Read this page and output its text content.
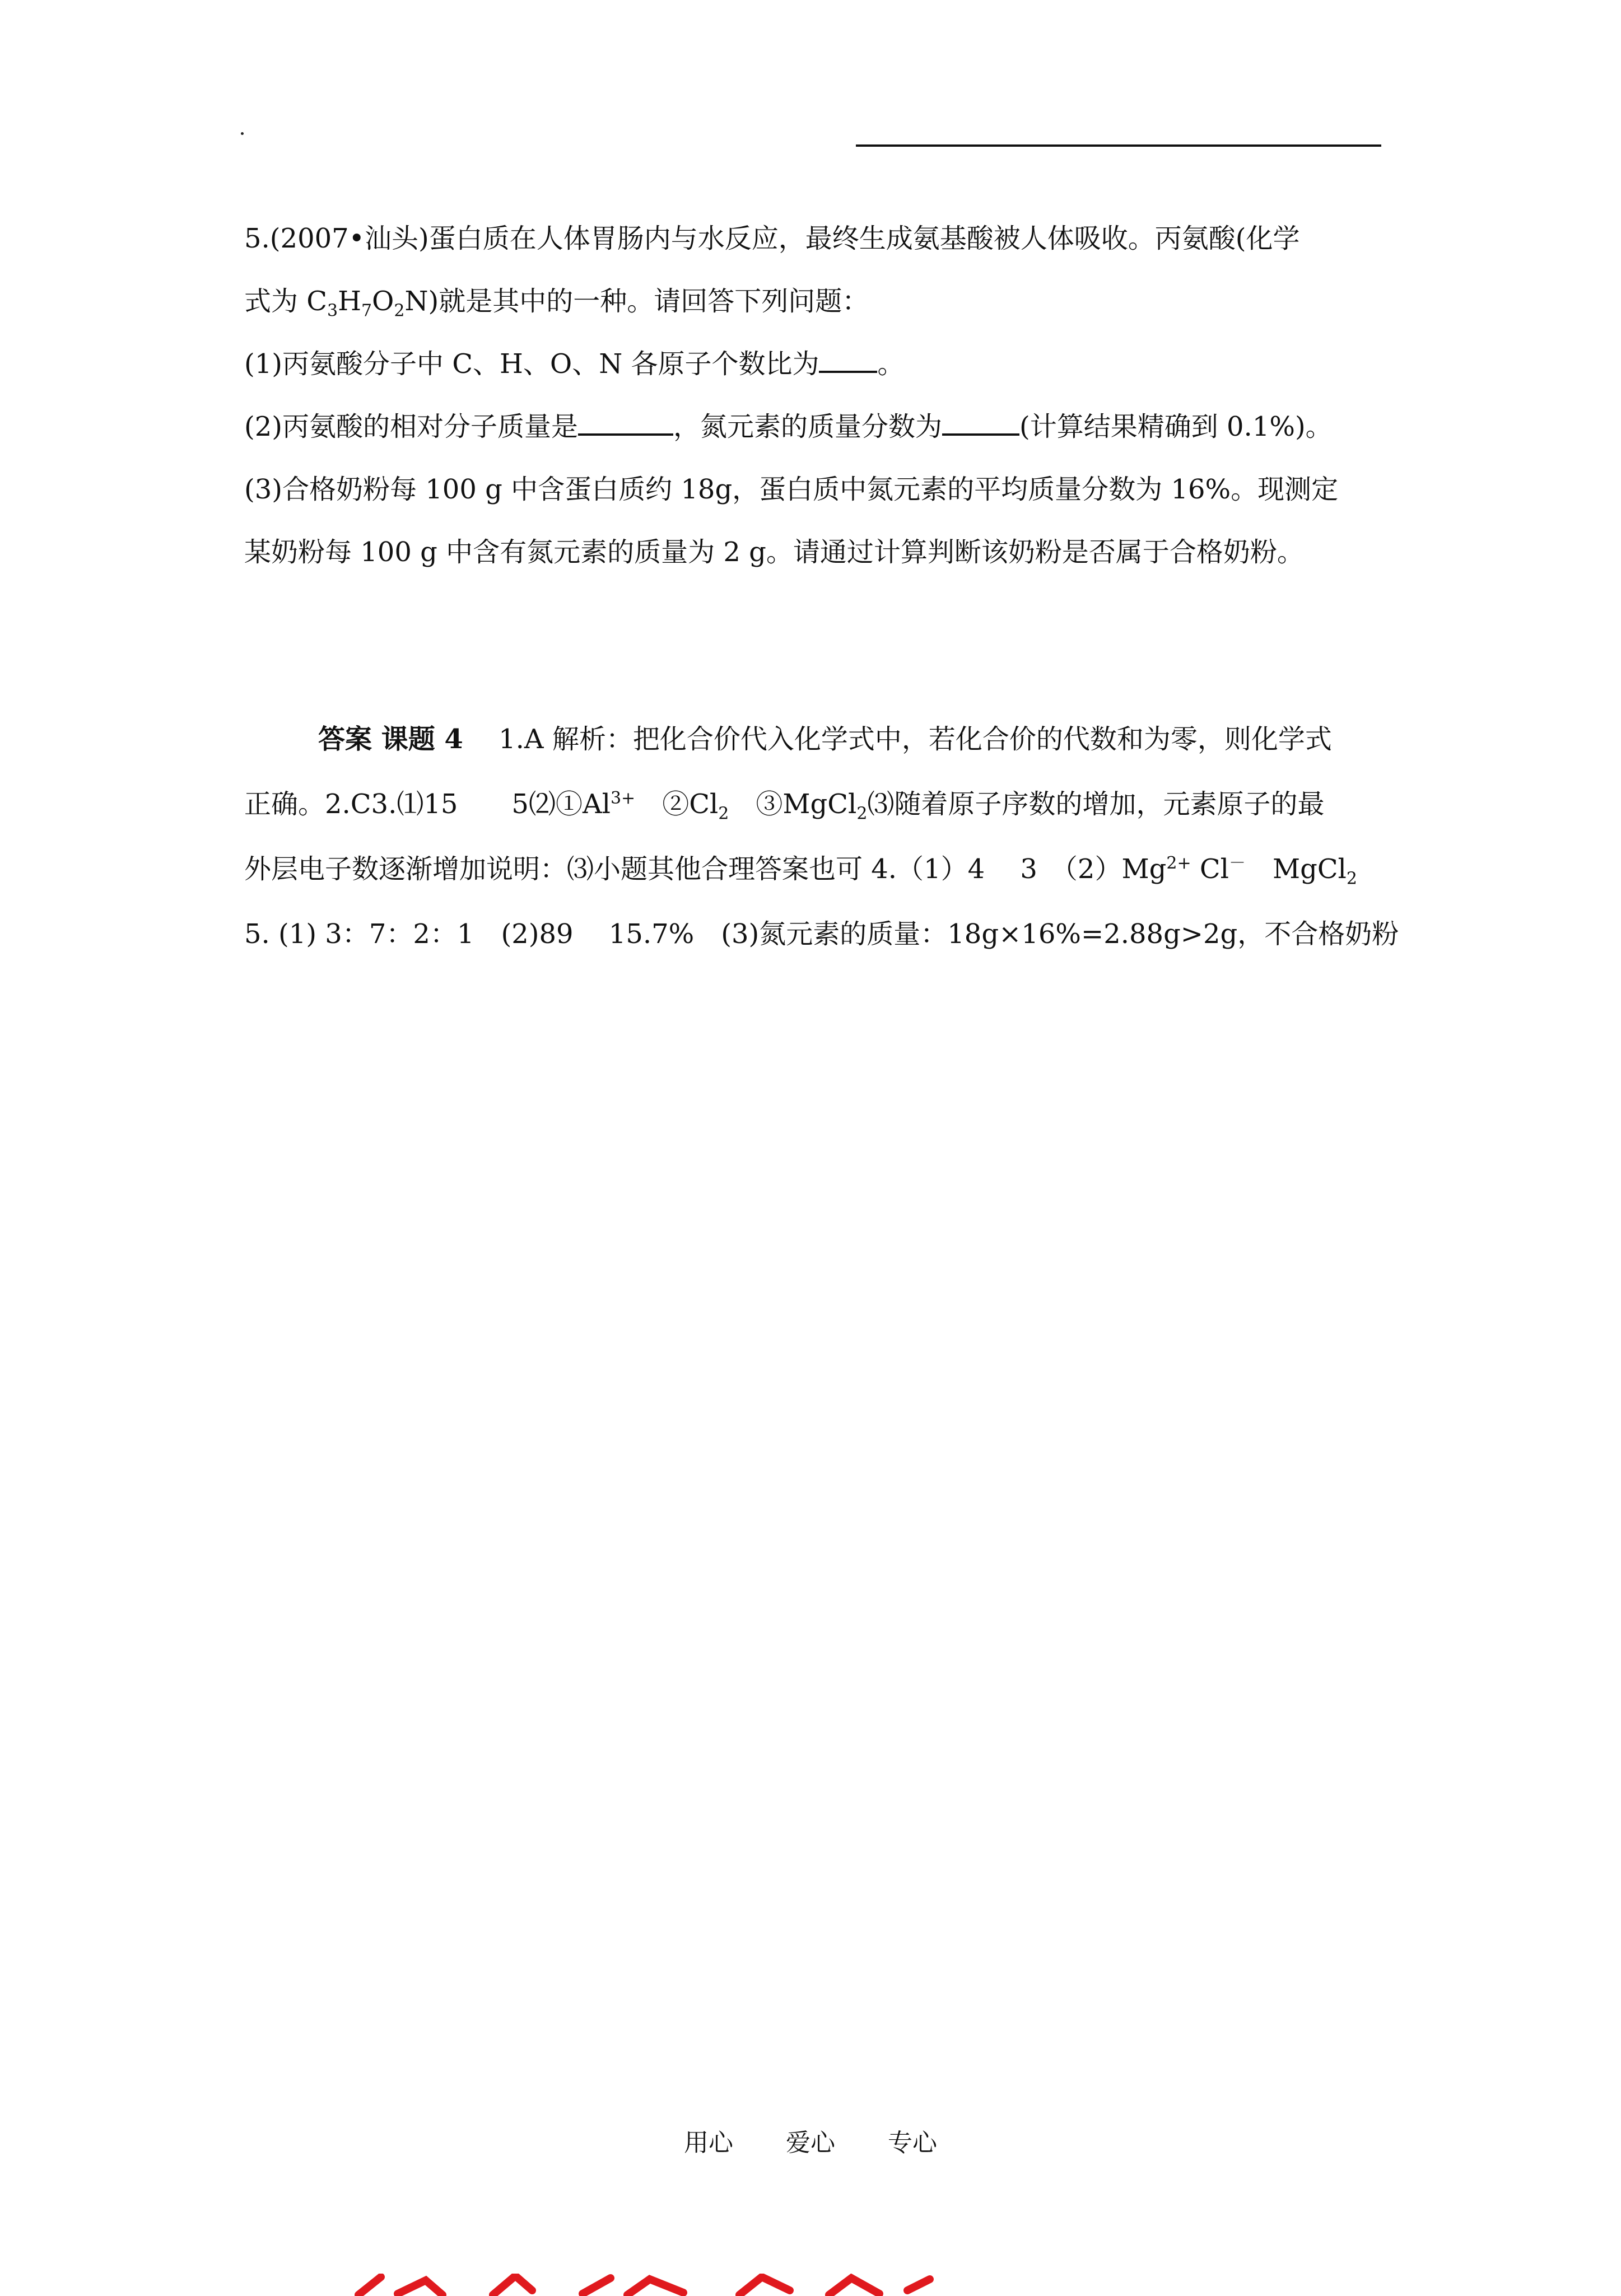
5.(2007•汕头)蛋白质在人体胃肠内与水反应，最终生成氨基酸被人体吸收。丙氨酸(化学
式为 $C_3H_7O_2N$)就是其中的一种。请回答下列问题：
(1)丙氨酸分子中 C、H、O、N 各原子个数比为 。
(2)丙氨酸的相对分子质量是	，氮元素的质量分数为	(计算结果精确到 0.1%)。
(3)合格奶粉每 100 g 中含蛋白质约 18g，蛋白质中氮元素的平均质量分数为 16%。现测定
某奶粉每 100 g 中含有氮元素的质量为 2 g。请通过计算判断该奶粉是否属于合格奶粉。
答案 课题 4　 1.A 解析：把化合价代入化学式中，若化合价的代数和为零，则化学式
正确。2.C3.⑴15　　$5⑵①Al^{3+}$　$②Cl_2$　③MgCl$_2$⑶随着原子序数的增加，元素原子的最
外层电子数逐渐增加说明：⑶小题其他合理答案也可 4.（1）4　 3　$(2)Mg^{2+}$ Cl－　MgCl$_2$
5. (1) 3：7：2：1　(2)89　 15.7%　(3)氮元素的质量：18g×16%=2.88g>2g，不合格奶粉
用心 爱心 专心
